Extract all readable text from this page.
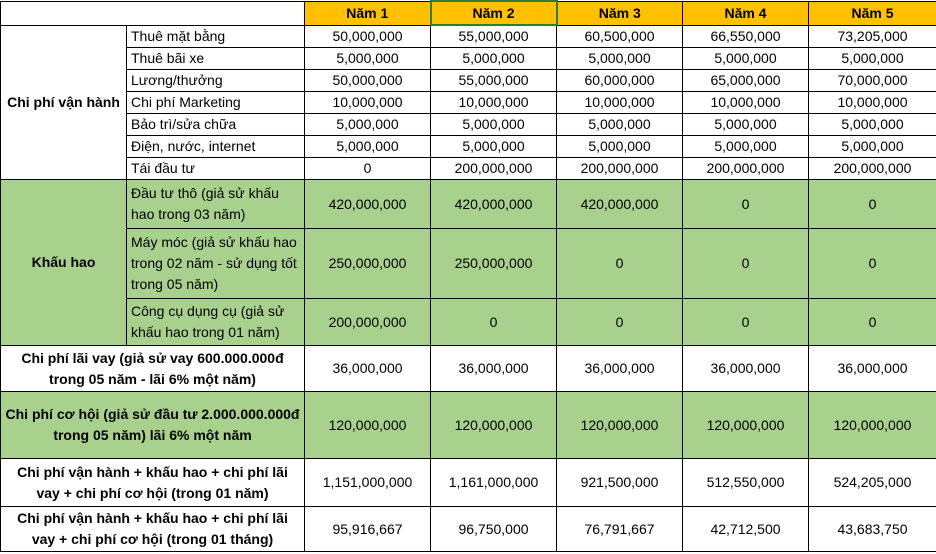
		Năm 1	Năm 2	Năm 3	Năm 4	Năm 5
Chi phí vận hành	Thuê mặt bằng	50,000,000	55,000,000	60,500,000	66,550,000	73,205,000
	Thuê bãi xe	5,000,000	5,000,000	5,000,000	5,000,000	5,000,000
	Lương/thưởng	50,000,000	55,000,000	60,000,000	65,000,000	70,000,000
	Chi phí Marketing	10,000,000	10,000,000	10,000,000	10,000,000	10,000,000
	Bảo trì/sửa chữa	5,000,000	5,000,000	5,000,000	5,000,000	5,000,000
	Điện, nước, internet	5,000,000	5,000,000	5,000,000	5,000,000	5,000,000
	Tái đầu tư	0	200,000,000	200,000,000	200,000,000	200,000,000
Khấu hao	Đầu tư thô (giả sử khấu hao trong 03 năm)	420,000,000	420,000,000	420,000,000	0	0
	Máy móc (giả sử khấu hao trong 02 năm - sử dụng tốt trong 05 năm)	250,000,000	250,000,000	0	0	0
	Công cụ dụng cụ (giả sử khấu hao trong 01 năm)	200,000,000	0	0	0	0
Chi phí lãi vay (giả sử vay 600.000.000đ trong 05 năm - lãi 6% một năm)		36,000,000	36,000,000	36,000,000	36,000,000	36,000,000
Chi phí cơ hội (giả sử đầu tư 2.000.000.000đ trong 05 năm) lãi 6% một năm		120,000,000	120,000,000	120,000,000	120,000,000	120,000,000
Chi phí vận hành + khấu hao + chi phí lãi vay + chi phí cơ hội (trong 01 năm)		1,151,000,000	1,161,000,000	921,500,000	512,550,000	524,205,000
Chi phí vận hành + khấu hao + chi phí lãi vay + chi phí cơ hội (trong 01 tháng)		95,916,667	96,750,000	76,791,667	42,712,500	43,683,750
